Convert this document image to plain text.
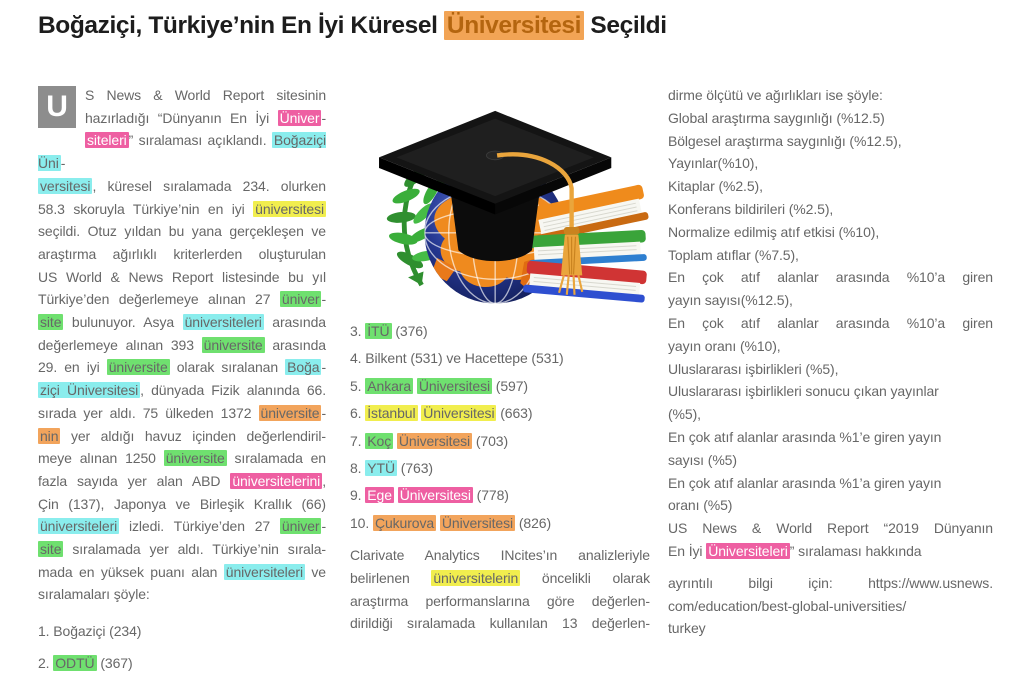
Boğaziçi, Türkiye’nin En İyi Küresel Üniversitesi Seçildi
U	S News & World Report sitesinin
hazırladığı “Dünyanın En İyi Üniver -
siteleri ” sıralaması açıklandı. Boğaziçi Üni -
versitesi , küresel sıralamada 234. olurken
58.3 skoruyla Türkiye’nin en iyi üniversitesi
seçildi. Otuz yıldan bu yana gerçekleşen ve
araştırma ağırlıklı kriterlerden oluşturulan
US World & News Report listesinde bu yıl
Türkiye’den değerlemeye alınan 27 üniver -
site bulunuyor. Asya üniversiteleri arasında
değerlemeye alınan 393 üniversite arasında
29. en iyi üniversite olarak sıralanan Boğa -
ziçi Üniversitesi , dünyada Fizik alanında 66.
sırada yer aldı. 75 ülkeden 1372 üniversite -
nin yer aldığı havuz içinden değerlendiril-
meye alınan 1250 üniversite sıralamada en
fazla sayıda yer alan ABD üniversitelerini ,
Çin (137), Japonya ve Birleşik Krallık (66)
üniversiteleri izledi. Türkiye’den 27 üniver -
site sıralamada yer aldı. Türkiye’nin sırala-
mada en yüksek puanı alan üniversiteleri ve
sıralamaları şöyle:
1. Boğaziçi (234)
2. ODTÜ (367)
3. İTÜ (376)
4. Bilkent (531) ve Hacettepe (531)
5. Ankara Üniversitesi (597)
6. İstanbul Üniversitesi (663)
7. Koç Üniversitesi (703)
8. YTÜ (763)
9. Ege Üniversitesi (778)
10. Çukurova Üniversitesi (826)
Clarivate Analytics INcites’ın analizleriyle
belirlenen üniversitelerin öncelikli olarak
araştırma performanslarına göre değerlen-
dirildiği sıralamada kullanılan 13 değerlen-
dirme ölçütü ve ağırlıkları ise şöyle:
Global araştırma saygınlığı (%12.5)
Bölgesel araştırma saygınlığı (%12.5),
Yayınlar(%10),
Kitaplar (%2.5),
Konferans bildirileri (%2.5),
Normalize edilmiş atıf etkisi (%10),
Toplam atıflar (%7.5),
En çok atıf alanlar arasında %10’a giren
yayın sayısı(%12.5),
En çok atıf alanlar arasında %10’a giren
yayın oranı (%10),
Uluslararası işbirlikleri (%5),
Uluslararası işbirlikleri sonucu çıkan yayınlar
(%5),
En çok atıf alanlar arasında %1’e giren yayın
sayısı (%5)
En çok atıf alanlar arasında %1’a giren yayın
oranı (%5)
US News & World Report “2019 Dünyanın
En İyi Üniversiteleri ” sıralaması hakkında
ayrıntılı bilgi için: https://www.usnews.
com/education/best-global-universities/
turkey
